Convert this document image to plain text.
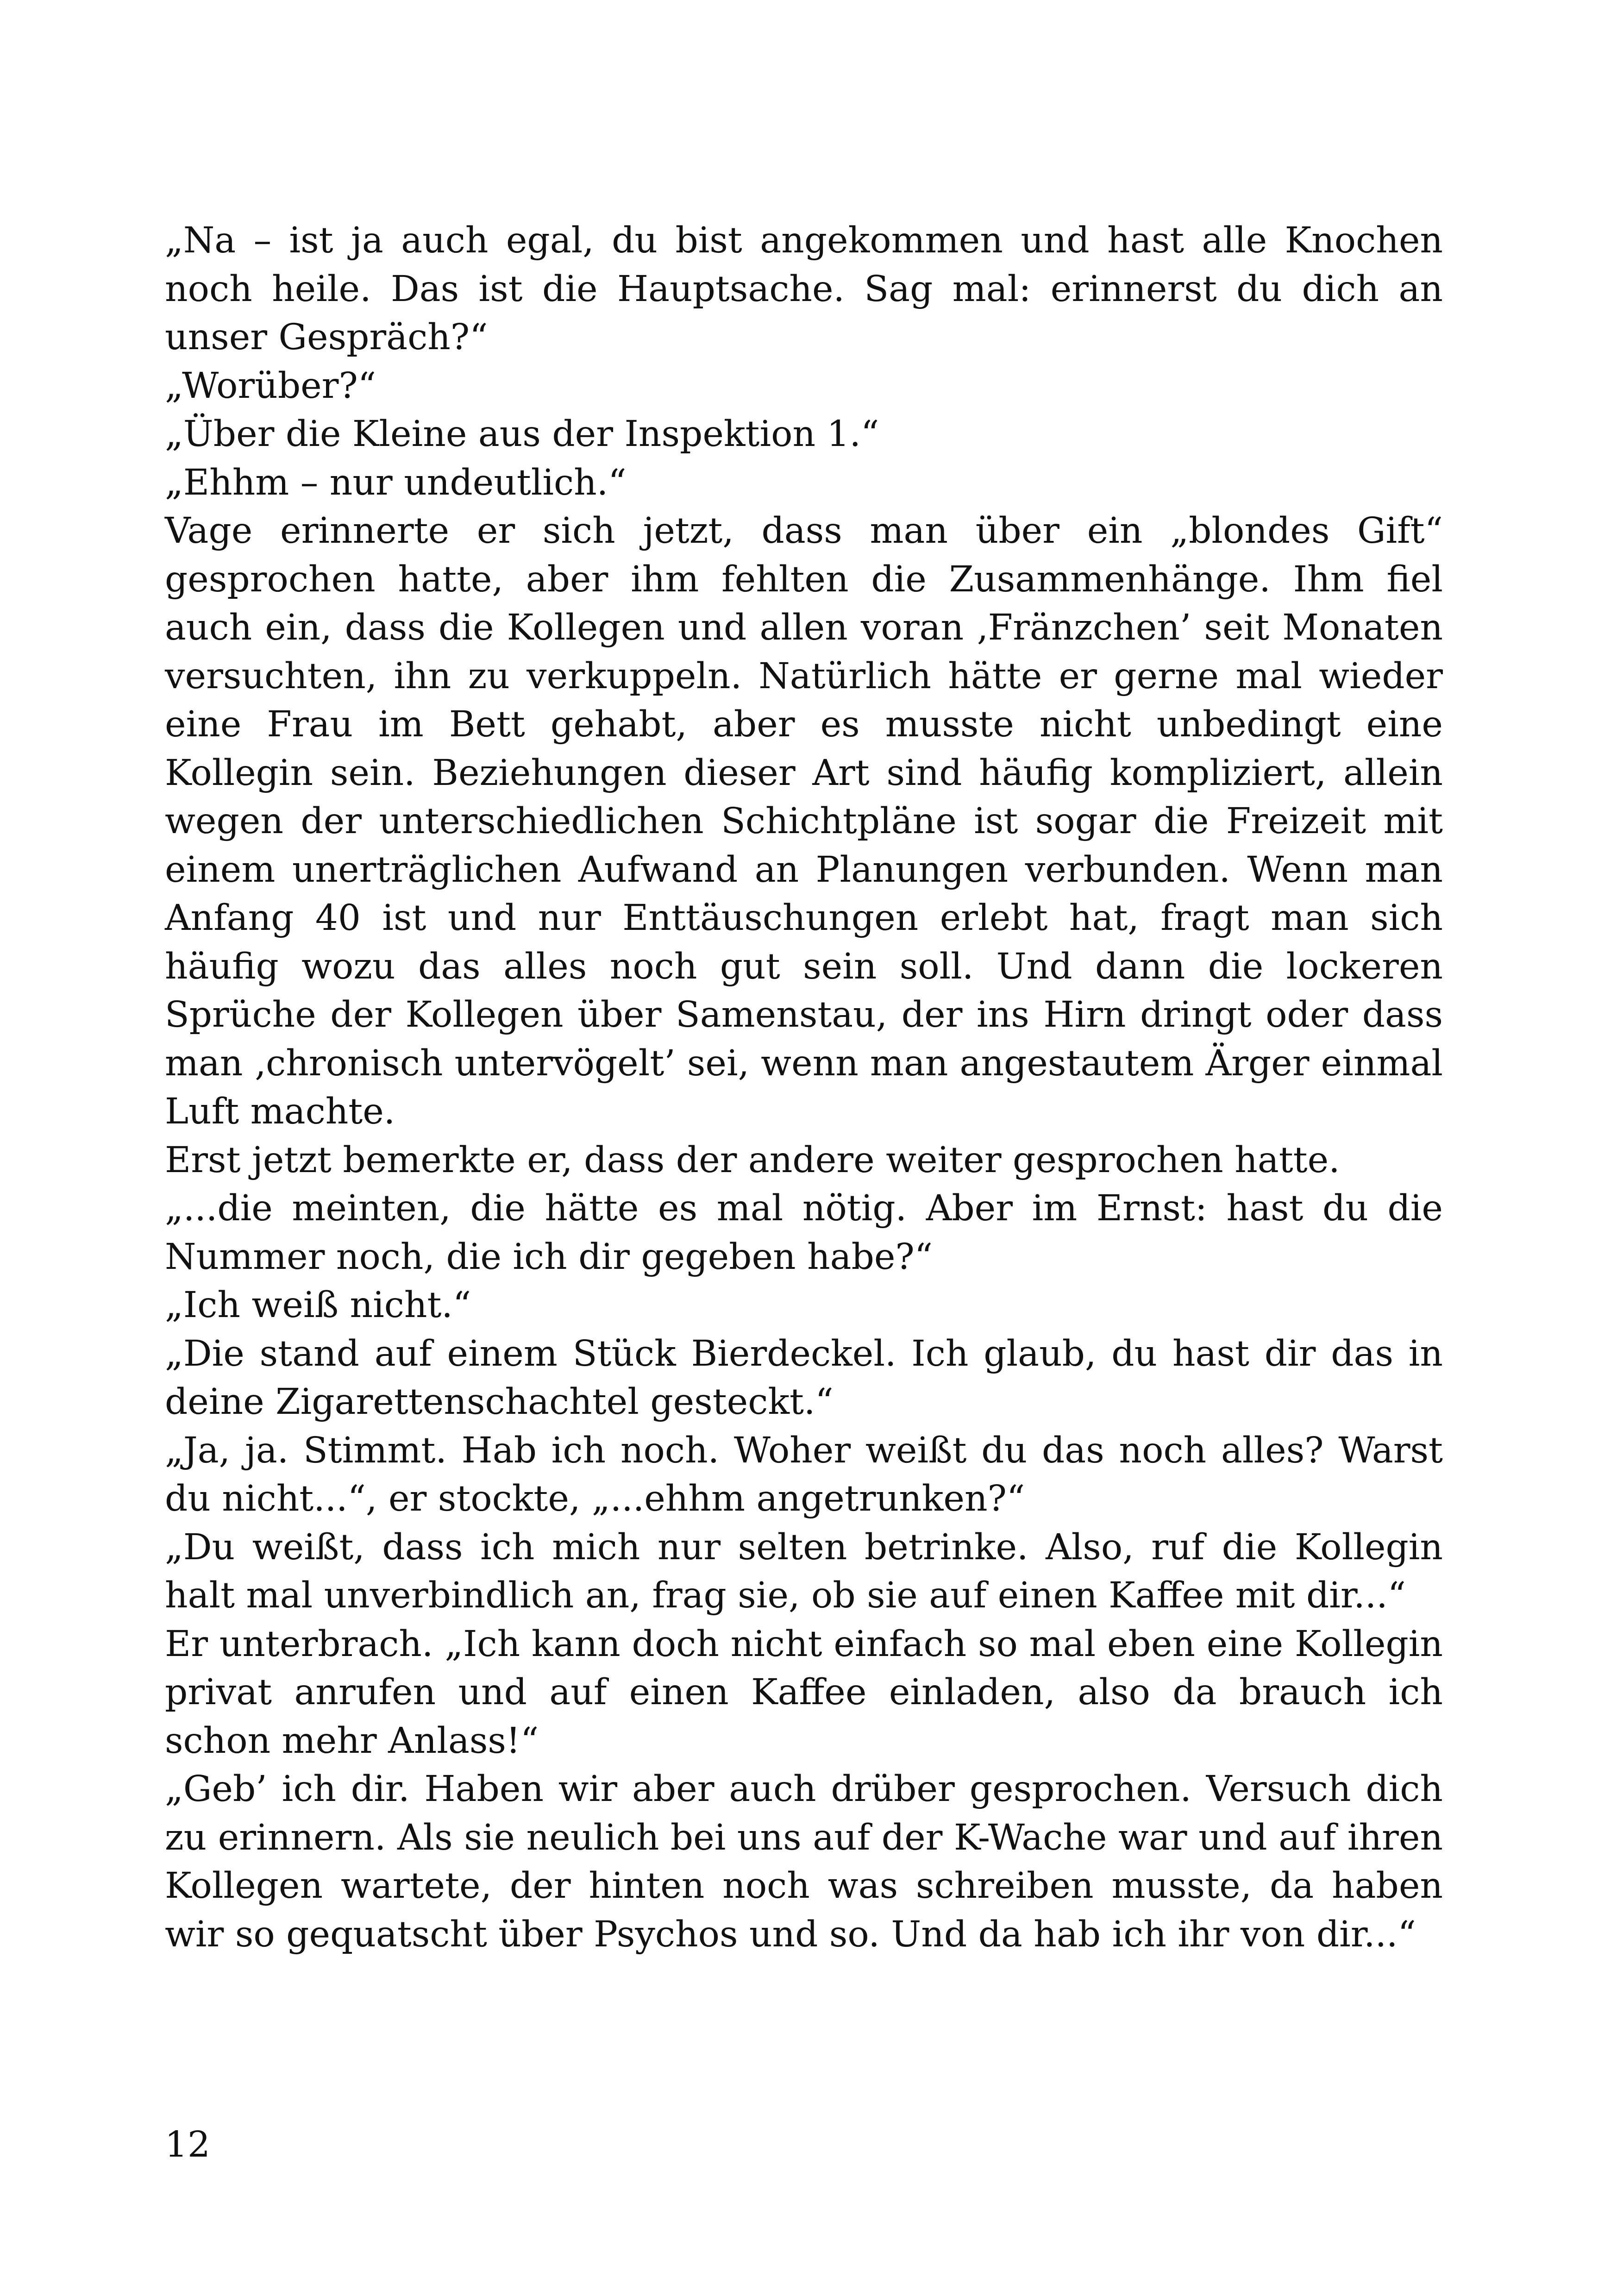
„Na – ist ja auch egal, du bist angekommen und hast alle Knochen noch heile. Das ist die Hauptsache. Sag mal: erinnerst du dich an unser Gespräch?“

„Worüber?“

„Über die Kleine aus der Inspektion 1.“

„Ehhm – nur undeutlich.“

Vage erinnerte er sich jetzt, dass man über ein „blondes Gift“ gesprochen hatte, aber ihm fehlten die Zusammenhänge. Ihm fiel auch ein, dass die Kollegen und allen voran ‚Fränzchen’ seit Monaten versuchten, ihn zu verkuppeln. Natürlich hätte er gerne mal wieder eine Frau im Bett gehabt, aber es musste nicht unbedingt eine Kollegin sein. Beziehungen dieser Art sind häufig kompliziert, allein wegen der unterschiedlichen Schichtpläne ist sogar die Freizeit mit einem unerträglichen Aufwand an Planungen verbunden. Wenn man Anfang 40 ist und nur Enttäuschungen erlebt hat, fragt man sich häufig wozu das alles noch gut sein soll. Und dann die lockeren Sprüche der Kollegen über Samenstau, der ins Hirn dringt oder dass man ‚chronisch untervögelt’ sei, wenn man angestautem Ärger einmal Luft machte.

Erst jetzt bemerkte er, dass der andere weiter gesprochen hatte.

„...die meinten, die hätte es mal nötig. Aber im Ernst: hast du die Nummer noch, die ich dir gegeben habe?“

„Ich weiß nicht.“

„Die stand auf einem Stück Bierdeckel. Ich glaub, du hast dir das in deine Zigarettenschachtel gesteckt.“

„Ja, ja. Stimmt. Hab ich noch. Woher weißt du das noch alles? Warst du nicht...“, er stockte, „...ehhm angetrunken?“

„Du weißt, dass ich mich nur selten betrinke. Also, ruf die Kollegin halt mal unverbindlich an, frag sie, ob sie auf einen Kaffee mit dir...“

Er unterbrach. „Ich kann doch nicht einfach so mal eben eine Kollegin privat anrufen und auf einen Kaffee einladen, also da brauch ich schon mehr Anlass!“

„Geb’ ich dir. Haben wir aber auch drüber gesprochen. Versuch dich zu erinnern. Als sie neulich bei uns auf der K-Wache war und auf ihren Kollegen wartete, der hinten noch was schreiben musste, da haben wir so gequatscht über Psychos und so. Und da hab ich ihr von dir...“

12
